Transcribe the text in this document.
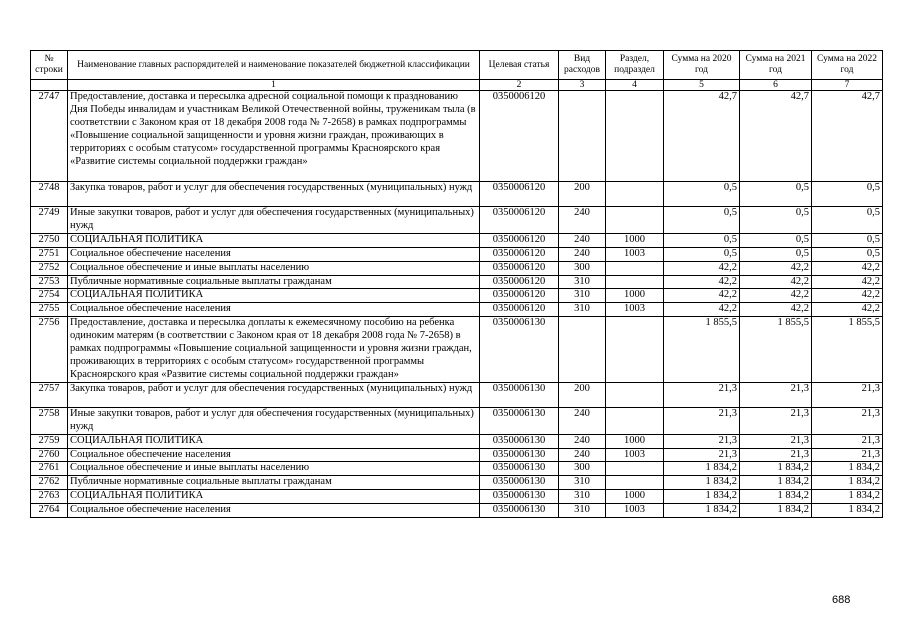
№ строки	Наименование главных распорядителей и наименование показателей бюджетной классификации	Целевая статья	Вид расходов	Раздел, подраздел	Сумма на 2020 год	Сумма на 2021 год	Сумма на 2022 год
	1	2	3	4	5	6	7
2747	Предоставление, доставка и пересылка адресной социальной помощи к празднованию Дня Победы инвалидам и участникам Великой Отечественной войны, труженикам тыла (в соответствии с Законом края от 18 декабря 2008 года № 7-2658) в рамках подпрограммы «Повышение социальной защищенности и уровня жизни граждан, проживающих в территориях с особым статусом» государственной программы Красноярского края «Развитие системы социальной поддержки граждан»	0350006120			42,7	42,7	42,7
2748	Закупка товаров, работ и услуг для обеспечения государственных (муниципальных) нужд	0350006120	200		0,5	0,5	0,5
2749	Иные закупки товаров, работ и услуг для обеспечения государственных (муниципальных) нужд	0350006120	240		0,5	0,5	0,5
2750	СОЦИАЛЬНАЯ ПОЛИТИКА	0350006120	240	1000	0,5	0,5	0,5
2751	Социальное обеспечение населения	0350006120	240	1003	0,5	0,5	0,5
2752	Социальное обеспечение и иные выплаты населению	0350006120	300		42,2	42,2	42,2
2753	Публичные нормативные социальные выплаты гражданам	0350006120	310		42,2	42,2	42,2
2754	СОЦИАЛЬНАЯ ПОЛИТИКА	0350006120	310	1000	42,2	42,2	42,2
2755	Социальное обеспечение населения	0350006120	310	1003	42,2	42,2	42,2
2756	Предоставление, доставка и пересылка доплаты к ежемесячному пособию на ребенка одиноким матерям (в соответствии с Законом края от 18 декабря 2008 года № 7-2658) в рамках подпрограммы «Повышение социальной защищенности и уровня жизни граждан, проживающих в территориях с особым статусом» государственной программы Красноярского края «Развитие системы социальной поддержки граждан»	0350006130			1 855,5	1 855,5	1 855,5
2757	Закупка товаров, работ и услуг для обеспечения государственных (муниципальных) нужд	0350006130	200		21,3	21,3	21,3
2758	Иные закупки товаров, работ и услуг для обеспечения государственных (муниципальных) нужд	0350006130	240		21,3	21,3	21,3
2759	СОЦИАЛЬНАЯ ПОЛИТИКА	0350006130	240	1000	21,3	21,3	21,3
2760	Социальное обеспечение населения	0350006130	240	1003	21,3	21,3	21,3
2761	Социальное обеспечение и иные выплаты населению	0350006130	300		1 834,2	1 834,2	1 834,2
2762	Публичные нормативные социальные выплаты гражданам	0350006130	310		1 834,2	1 834,2	1 834,2
2763	СОЦИАЛЬНАЯ ПОЛИТИКА	0350006130	310	1000	1 834,2	1 834,2	1 834,2
2764	Социальное обеспечение населения	0350006130	310	1003	1 834,2	1 834,2	1 834,2
688
